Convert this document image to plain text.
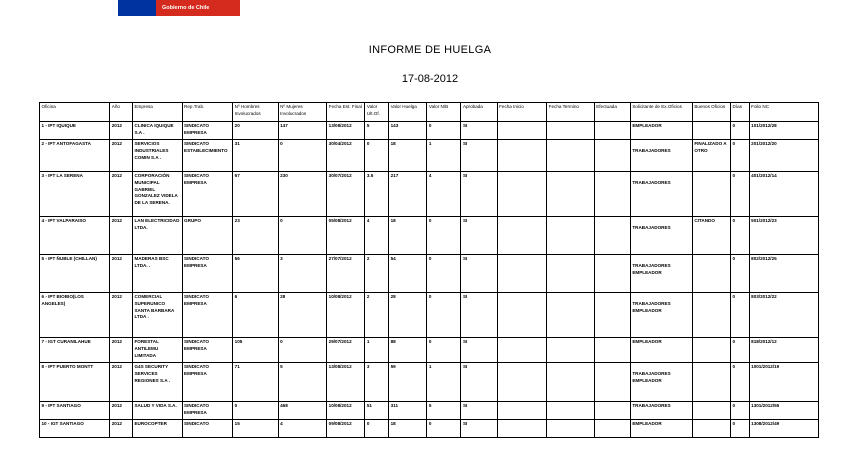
Gobierno de Chile
INFORME DE HUELGA
17-08-2012
Oficina	Año	Empresa	Rep.Trab.	Nº Hombres Involucrados	Nº Mujeres Involucrados	Fecha Est. Final	Valor Ult.Of.	Valor Huelga	Valor N/B	Aprobada	Fecha Inicio	Fecha Termino	Efectuada	Solicitante de Ex.Oficios	Buenos Oficios	Días	Folio NC
1 - IPT IQUIQUE	2012	CLINICA IQUIQUE S.A .	SINDICATO EMPRESA	20	147	13/08/2012	5	143	0	SI				EMPLEADOR		0	101/2012/28
2 - IPT ANTOFAGASTA	2012	SERVICIOS INDUSTRIALES COMIN S.A .	SINDICATO ESTABLECIMIENTO	31	0	30/04/2012	0	18	1	SI				TRABAJADORES	FINALIZADO A OTRO	0	201/2012/20
3 - IPT LA SERENA	2012	CORPORACIÓN MUNICIPAL GABRIEL GONZALEZ VIDELA DE LA SERENA.	SINDICATO EMPRESA	67	230	30/07/2012	3.5	217	4	SI				TRABAJADORES		0	401/2012/14
4 - IPT VALPARAISO	2012	LAN ELECTRICIDAD LTDA.	GRUPO	23	0	05/08/2012	4	18	0	SI				TRABAJADORES	CITANDO	0	501/2012/23
5 - IPT ÑUBLE (CHILLAN)	2012	MADERAS BSC LTDA. .	SINDICATO EMPRESA	56	3	27/07/2012	2	54	0	SI				TRABAJADORES EMPLEADOR		0	802/2012/25
6 - IPT BIOBIO(LOS ANGELES)	2012	COMERCIAL SUPERUNICO SANTA BARBARA LTDA .	SINDICATO EMPRESA	6	28	10/08/2012	2	28	0	SI				TRABAJADORES EMPLEADOR		0	803/2012/22
7 - IGT CURANILAHUE	2012	FORESTAL ANTILEMU LIMITADA	SINDICATO EMPRESA	105	0	29/07/2012	1	88	0	SI				EMPLEADOR		0	818/2012/12
8 - IPT PUERTO MONTT	2012	G4S SECURITY SERVICES REGIONES S.A .	SINDICATO EMPRESA	71	5	13/08/2012	3	59	1	SI				TRABAJADORES EMPLEADOR		0	1001/2012/19
9 - IPT SANTIAGO	2012	SALUD Y VIDA S.A.	SINDICATO EMPRESA	0	468	10/08/2012	51	311	5	SI				TRABAJADORES		0	1301/2012/55
10 - IGT SANTIAGO	2012	EUROCOPTER	SINDICATO	15	4	09/08/2012	0	18	0	SI				EMPLEADOR		0	1308/2012/49
